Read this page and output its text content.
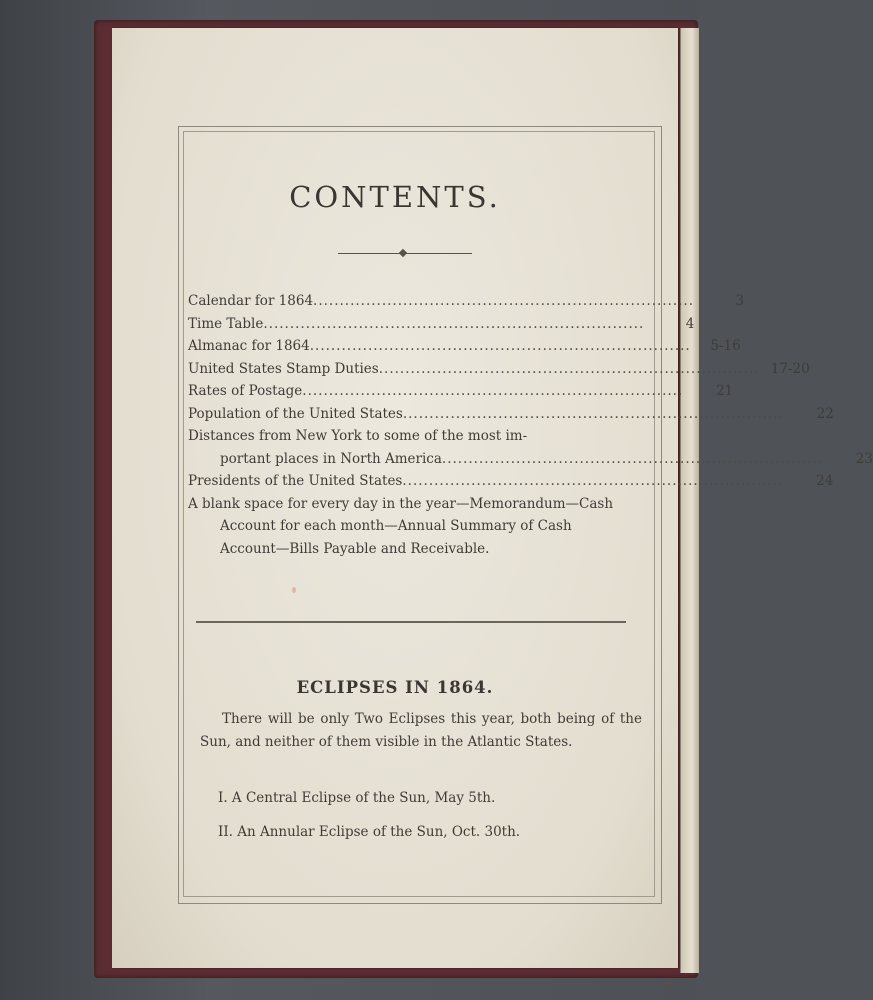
CONTENTS.
Calendar for 1864........................................................................	3
Time Table........................................................................	4
Almanac for 1864........................................................................	5-16
United States Stamp Duties........................................................................ 17-20
Rates of Postage........................................................................	21
Population of the United States........................................................................	22
Distances from New York to some of the most im-
portant places in North America........................................................................	23
Presidents of the United States........................................................................	24
A blank space for every day in the year—Memorandum—Cash Account for each month—Annual Summary of Cash Account—Bills Payable and Receivable.
ECLIPSES IN 1864.
There will be only Two Eclipses this year, both being of the Sun, and neither of them visible in the Atlantic States.
I. A Central Eclipse of the Sun, May 5th.
II. An Annular Eclipse of the Sun, Oct. 30th.
